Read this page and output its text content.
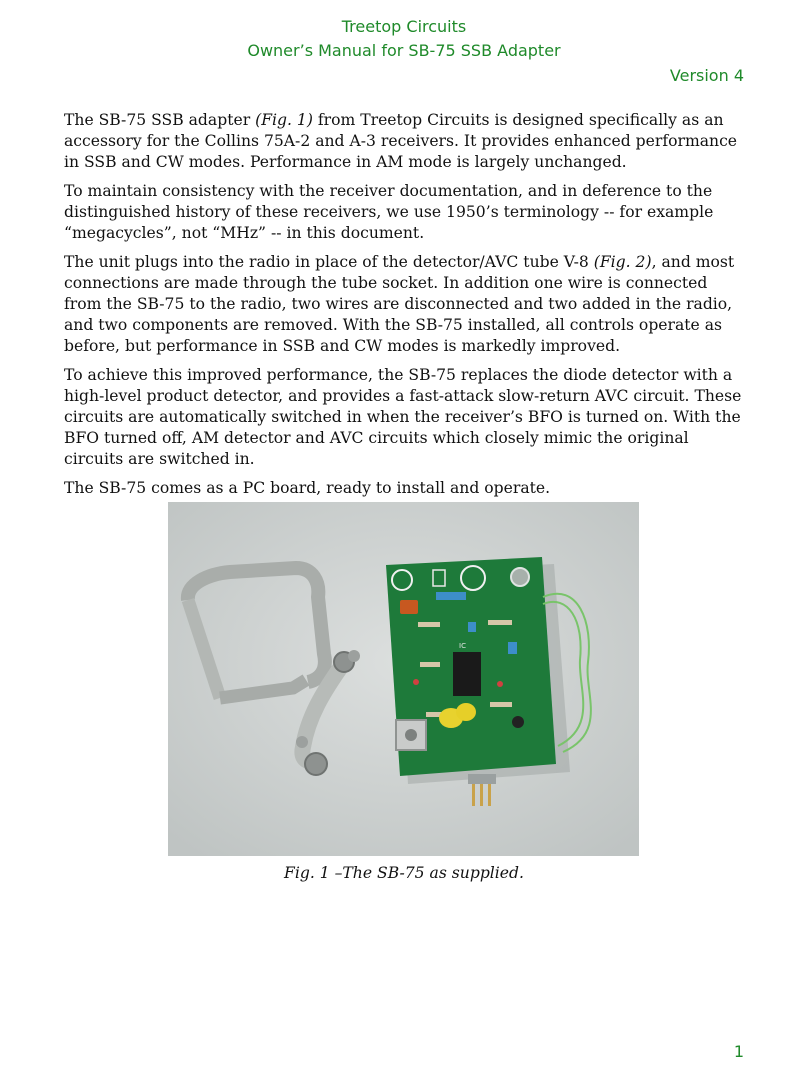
Treetop Circuits
Owner’s Manual for SB-75 SSB Adapter
Version 4

The SB-75 SSB adapter (Fig. 1) from Treetop Circuits is designed specifically as an accessory for the Collins 75A-2 and A-3 receivers. It provides enhanced performance in SSB and CW modes. Performance in AM mode is largely unchanged.

To maintain consistency with the receiver documentation, and in deference to the distinguished history of these receivers, we use 1950’s terminology -- for example “megacycles”, not “MHz” -- in this document.

The unit plugs into the radio in place of the detector/AVC tube V-8 (Fig. 2), and most connections are made through the tube socket. In addition one wire is connected from the SB-75 to the radio, two wires are disconnected and two added in the radio, and two components are removed. With the SB-75 installed, all controls operate as before, but performance in SSB and CW modes is markedly improved.

To achieve this improved performance, the SB-75 replaces the diode detector with a high-level product detector, and provides a fast-attack slow-return AVC circuit. These circuits are automatically switched in when the receiver’s BFO is turned on. With the BFO turned off, AM detector and AVC circuits which closely mimic the original circuits are switched in.

The SB-75 comes as a PC board, ready to install and operate.

IC
Fig. 1 –The SB-75 as supplied.
1
